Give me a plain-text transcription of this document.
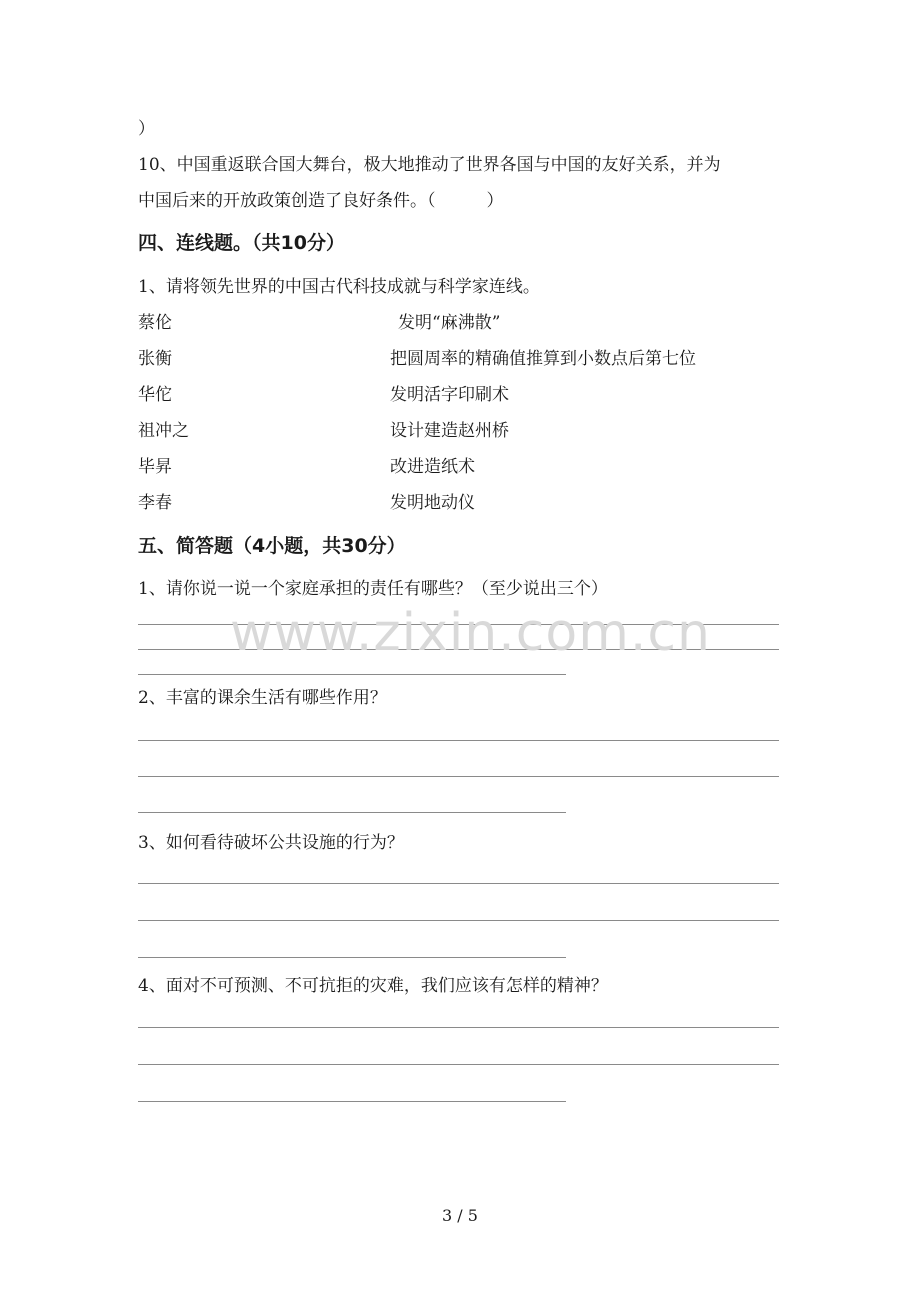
）
10、中国重返联合国大舞台，极大地推动了世界各国与中国的友好关系，并为
中国后来的开放政策创造了良好条件。（　　　）
四、连线题。（共10分）
1、请将领先世界的中国古代科技成就与科学家连线。
蔡伦	发明“麻沸散”
张衡	把圆周率的精确值推算到小数点后第七位
华佗	发明活字印刷术
祖冲之	设计建造赵州桥
毕昇	改进造纸术
李春	发明地动仪
五、简答题（4小题，共30分）
1、请你说一说一个家庭承担的责任有哪些？（至少说出三个）
2、丰富的课余生活有哪些作用？
3、如何看待破坏公共设施的行为？
4、面对不可预测、不可抗拒的灾难，我们应该有怎样的精神？
www.zixin.com.cn
3 / 5
